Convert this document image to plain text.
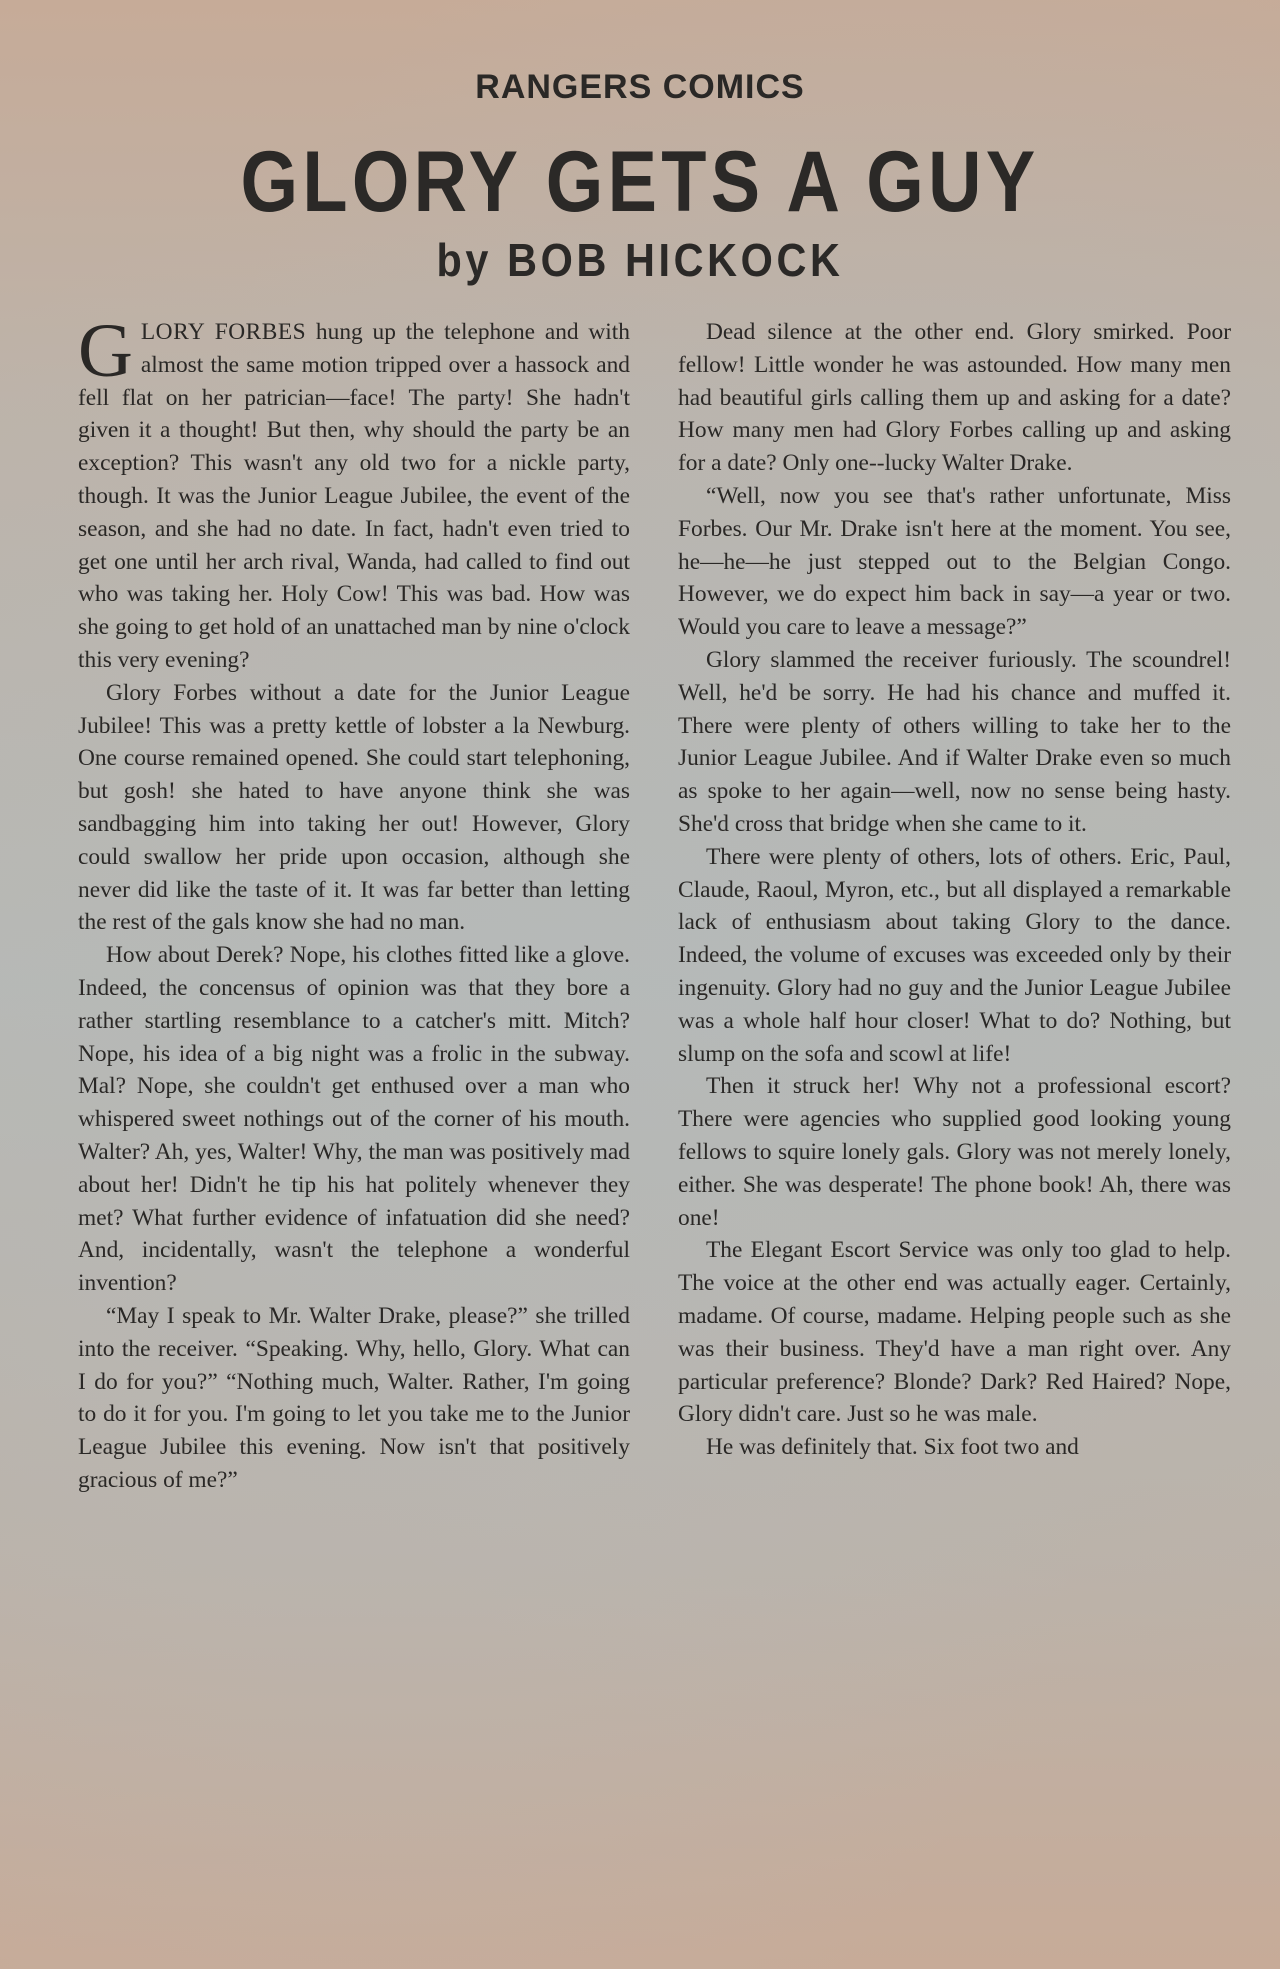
RANGERS COMICS
GLORY GETS A GUY
by BOB HICKOCK

GLORY FORBES hung up the telephone and with almost the same motion tripped over a hassock and fell flat on her patrician—face! The party! She hadn't given it a thought! But then, why should the party be an exception? This wasn't any old two for a nickle party, though. It was the Junior League Jubilee, the event of the season, and she had no date. In fact, hadn't even tried to get one until her arch rival, Wanda, had called to find out who was taking her. Holy Cow! This was bad. How was she going to get hold of an unattached man by nine o'clock this very evening?

Glory Forbes without a date for the Junior League Jubilee! This was a pretty kettle of lobster a la Newburg. One course remained opened. She could start telephoning, but gosh! she hated to have anyone think she was sandbagging him into taking her out! However, Glory could swallow her pride upon occasion, although she never did like the taste of it. It was far better than letting the rest of the gals know she had no man.

How about Derek? Nope, his clothes fitted like a glove. Indeed, the concensus of opinion was that they bore a rather startling resemblance to a catcher's mitt. Mitch? Nope, his idea of a big night was a frolic in the subway. Mal? Nope, she couldn't get enthused over a man who whispered sweet nothings out of the corner of his mouth. Walter? Ah, yes, Walter! Why, the man was positively mad about her! Didn't he tip his hat politely whenever they met? What further evidence of infatuation did she need? And, incidentally, wasn't the telephone a wonderful invention?

“May I speak to Mr. Walter Drake, please?” she trilled into the receiver. “Speaking. Why, hello, Glory. What can I do for you?” “Nothing much, Walter. Rather, I'm going to do it for you. I'm going to let you take me to the Junior League Jubilee this evening. Now isn't that positively gracious of me?”

Dead silence at the other end. Glory smirked. Poor fellow! Little wonder he was astounded. How many men had beautiful girls calling them up and asking for a date? How many men had Glory Forbes calling up and asking for a date? Only one--lucky Walter Drake.

“Well, now you see that's rather unfortunate, Miss Forbes. Our Mr. Drake isn't here at the moment. You see, he—he—he just stepped out to the Belgian Congo. However, we do expect him back in say—a year or two. Would you care to leave a message?”

Glory slammed the receiver furiously. The scoundrel! Well, he'd be sorry. He had his chance and muffed it. There were plenty of others willing to take her to the Junior League Jubilee. And if Walter Drake even so much as spoke to her again—well, now no sense being hasty. She'd cross that bridge when she came to it.

There were plenty of others, lots of others. Eric, Paul, Claude, Raoul, Myron, etc., but all displayed a remarkable lack of enthusiasm about taking Glory to the dance. Indeed, the volume of excuses was exceeded only by their ingenuity. Glory had no guy and the Junior League Jubilee was a whole half hour closer! What to do? Nothing, but slump on the sofa and scowl at life!

Then it struck her! Why not a professional escort? There were agencies who supplied good looking young fellows to squire lonely gals. Glory was not merely lonely, either. She was desperate! The phone book! Ah, there was one!

The Elegant Escort Service was only too glad to help. The voice at the other end was actually eager. Certainly, madame. Of course, madame. Helping people such as she was their business. They'd have a man right over. Any particular preference? Blonde? Dark? Red Haired? Nope, Glory didn't care. Just so he was male.

He was definitely that. Six foot two and
